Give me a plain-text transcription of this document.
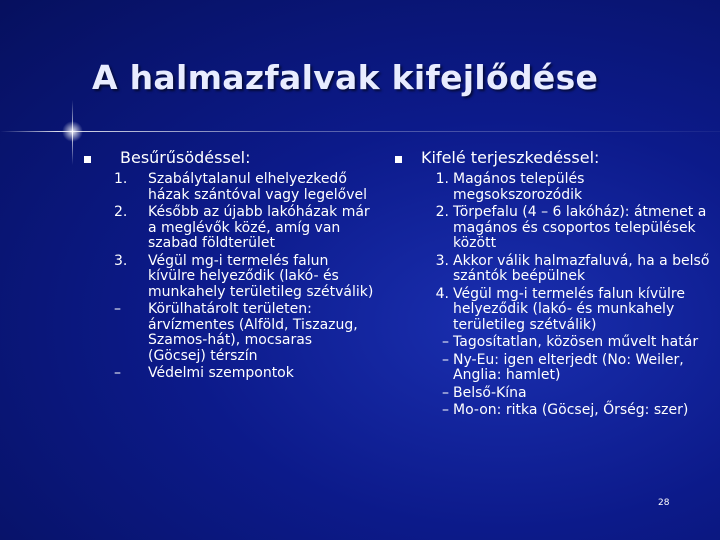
A halmazfalvak kifejlődése
Besűrűsödéssel:
1. Szabálytalanul elhelyezkedő házak szántóval vagy legelővel
2. Később az újabb lakóházak már a meglévők közé, amíg van szabad földterület
3. Végül mg-i termelés falun kívülre helyeződik (lakó- és munkahely területileg szétválik)
– Körülhatárolt területen: árvízmentes (Alföld, Tiszazug, Szamos-hát), mocsaras (Göcsej) térszín
– Védelmi szempontok
Kifelé terjeszkedéssel:
1. Magános település megsokszorozódik
2. Törpefalu (4 – 6 lakóház): átmenet a magános és csoportos települések között
3. Akkor válik halmazfaluvá, ha a belső szántók beépülnek
4. Végül mg-i termelés falun kívülre helyeződik (lakó- és munkahely területileg szétválik)
– Tagosítatlan, közösen művelt határ
– Ny-Eu: igen elterjedt (No: Weiler, Anglia: hamlet)
– Belső-Kína
– Mo-on: ritka (Göcsej, Őrség: szer)
28
